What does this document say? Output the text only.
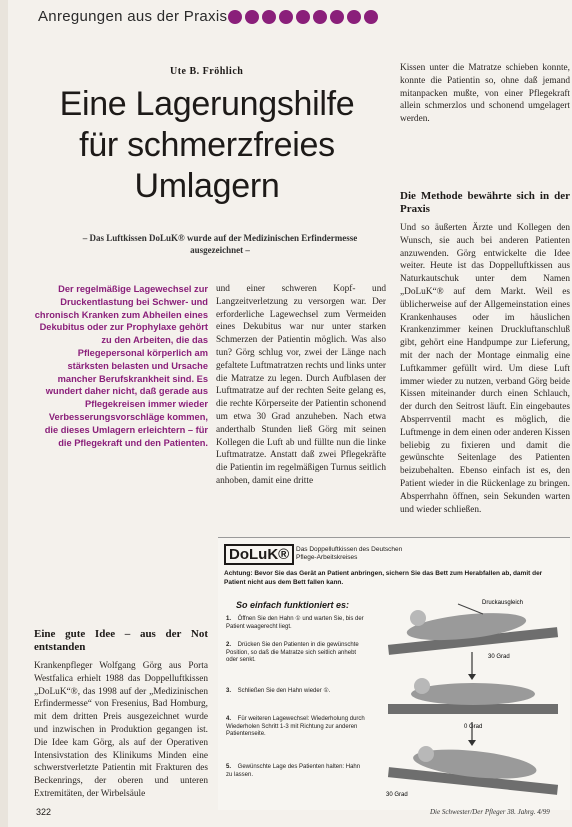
Anregungen aus der Praxis
Ute B. Fröhlich
Eine Lagerungshilfe
für schmerzfreies
Umlagern
– Das Luftkissen DoLuK® wurde auf der Medizinischen Erfindermesse ausgezeichnet –
Der regelmäßige Lagewechsel zur Druckentlastung bei Schwer- und chronisch Kranken zum Abheilen eines Dekubitus oder zur Prophylaxe gehört zu den Arbeiten, die das Pflegepersonal körperlich am stärksten belasten und Ursache mancher Berufskrankheit sind. Es wundert daher nicht, daß gerade aus Pflegekreisen immer wieder Verbesserungsvorschläge kommen, die dieses Umlagern erleichtern – für die Pflegekraft und den Patienten.
und einer schweren Kopf- und Langzeitverletzung zu versorgen war. Der erforderliche Lagewechsel zum Vermeiden eines Dekubitus war nur unter starken Schmerzen der Patientin möglich. Was also tun? Görg schlug vor, zwei der Länge nach gefaltete Luftmatratzen rechts und links unter die Matratze zu legen. Durch Aufblasen der Luftmatratze auf der rechten Seite gelang es, die rechte Körperseite der Patientin schonend um etwa 30 Grad anzuheben. Nach etwa anderthalb Stunden ließ Görg mit seinen Kollegen die Luft ab und füllte nun die linke Luftmatratze. Anstatt daß zwei Pflegekräfte die Patientin im regelmäßigen Turnus seitlich anhoben, damit eine dritte
Kissen unter die Matratze schieben konnte, konnte die Patientin so, ohne daß jemand mitanpacken mußte, von einer Pflegekraft allein schmerzlos und schonend umgelagert werden.
Die Methode bewährte sich in der Praxis
Und so äußerten Ärzte und Kollegen den Wunsch, sie auch bei anderen Patienten anzuwenden. Görg entwickelte die Idee weiter. Heute ist das Doppelluftkissen aus Naturkautschuk unter dem Namen „DoLuK“® auf dem Markt. Weil es üblicherweise auf der Allgemeinstation eines Krankenhauses oder im häuslichen Krankenzimmer keinen Druckluftanschluß gibt, gehört eine Handpumpe zur Lieferung, mit der nach der Montage einmalig eine Luftkammer gefüllt wird. Um diese Luft immer wieder zu nutzen, verband Görg beide Kissen miteinander durch einen Schlauch, der durch den Seitrost läuft. Ein eingebautes Absperrventil macht es möglich, die Luftmenge in dem einen oder anderen Kissen beliebig zu fixieren und damit die gewünschte Seitenlage des Patienten beizubehalten. Ebenso einfach ist es, den Patient wieder in die Rückenlage zu bringen. Absperrhahn öffnen, sein Sekunden warten und wieder schließen.
Eine gute Idee – aus der Not entstanden
Krankenpfleger Wolfgang Görg aus Porta Westfalica erhielt 1988 das Doppelluftkissen „DoLuK“®, das 1998 auf der „Medizinischen Erfindermesse“ von Fresenius, Bad Homburg, mit dem dritten Preis ausgezeichnet wurde und inzwischen in Produktion gegangen ist. Die Idee kam Görg, als auf der Operativen Intensivstation des Klinikums Minden eine schwerstverletzte Patientin mit Frakturen des Beckenrings, der oberen und unteren Extremitäten, der Wirbelsäule
DoLuK®	Das Doppelluftkissen des Deutschen Pflege-Arbeitskreises
Achtung: Bevor Sie das Gerät an Patient anbringen, sichern Sie das Bett zum Herabfallen ab, damit der Patient nicht aus dem Bett fallen kann.
So einfach funktioniert es:
1. Öffnen Sie den Hahn ① und warten Sie, bis der Patient waagerecht liegt.
2. Drücken Sie den Patienten in die gewünschte Position, so daß die Matratze sich seitlich anhebt oder senkt.
3. Schließen Sie den Hahn wieder ①.
4. Für weiteren Lagewechsel: Wiederholung durch Wiederholen Schritt 1-3 mit Richtung zur anderen Patientenseite.
5. Gewünschte Lage des Patienten halten: Hahn zu lassen.
Druckausgleich
0 Grad
30 Grad
30 Grad
322	Die Schwester/Der Pfleger 38. Jahrg. 4/99
